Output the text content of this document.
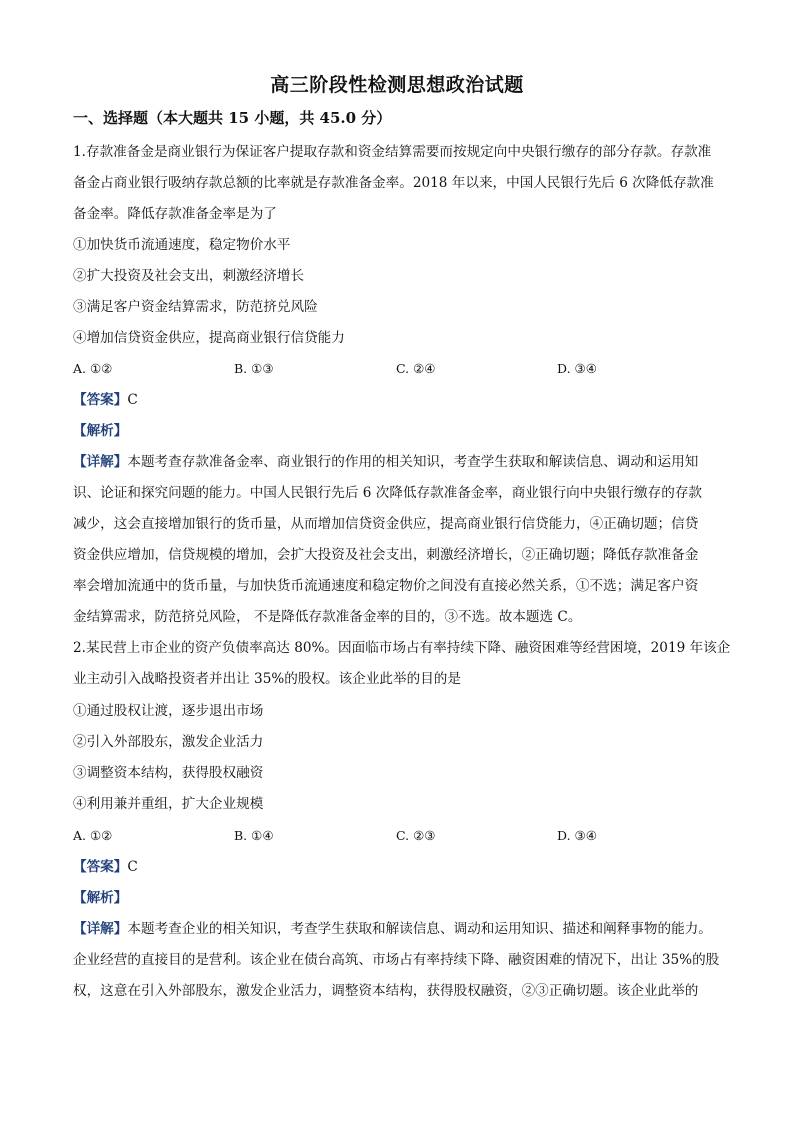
高三阶段性检测思想政治试题
一、选择题（本大题共 15 小题，共 45.0 分）
1.存款准备金是商业银行为保证客户提取存款和资金结算需要而按规定向中央银行缴存的部分存款。存款准
备金占商业银行吸纳存款总额的比率就是存款准备金率。2018 年以来，中国人民银行先后 6 次降低存款准
备金率。降低存款准备金率是为了
①加快货币流通速度，稳定物价水平
②扩大投资及社会支出，刺激经济增长
③满足客户资金结算需求，防范挤兑风险
④增加信贷资金供应，提高商业银行信贷能力
A. ①②	B. ①③	C. ②④	D. ③④
【答案】C
【解析】
【详解】本题考查存款准备金率、商业银行的作用的相关知识，考查学生获取和解读信息、调动和运用知
识、论证和探究问题的能力。中国人民银行先后 6 次降低存款准备金率，商业银行向中央银行缴存的存款
减少，这会直接增加银行的货币量，从而增加信贷资金供应，提高商业银行信贷能力，④正确切题；信贷
资金供应增加，信贷规模的增加，会扩大投资及社会支出，刺激经济增长，②正确切题；降低存款准备金
率会增加流通中的货币量，与加快货币流通速度和稳定物价之间没有直接必然关系，①不选；满足客户资
金结算需求，防范挤兑风险， 不是降低存款准备金率的目的，③不选。故本题选 C。
2.某民营上市企业的资产负债率高达 80%。因面临市场占有率持续下降、融资困难等经营困境，2019 年该企
业主动引入战略投资者并出让 35%的股权。该企业此举的目的是
①通过股权让渡，逐步退出市场
②引入外部股东，激发企业活力
③调整资本结构，获得股权融资
④利用兼并重组，扩大企业规模
A. ①②	B. ①④	C. ②③	D. ③④
【答案】C
【解析】
【详解】本题考查企业的相关知识，考查学生获取和解读信息、调动和运用知识、描述和阐释事物的能力。
企业经营的直接目的是营利。该企业在债台高筑、市场占有率持续下降、融资困难的情况下，出让 35%的股
权，这意在引入外部股东，激发企业活力，调整资本结构，获得股权融资，②③正确切题。该企业此举的
